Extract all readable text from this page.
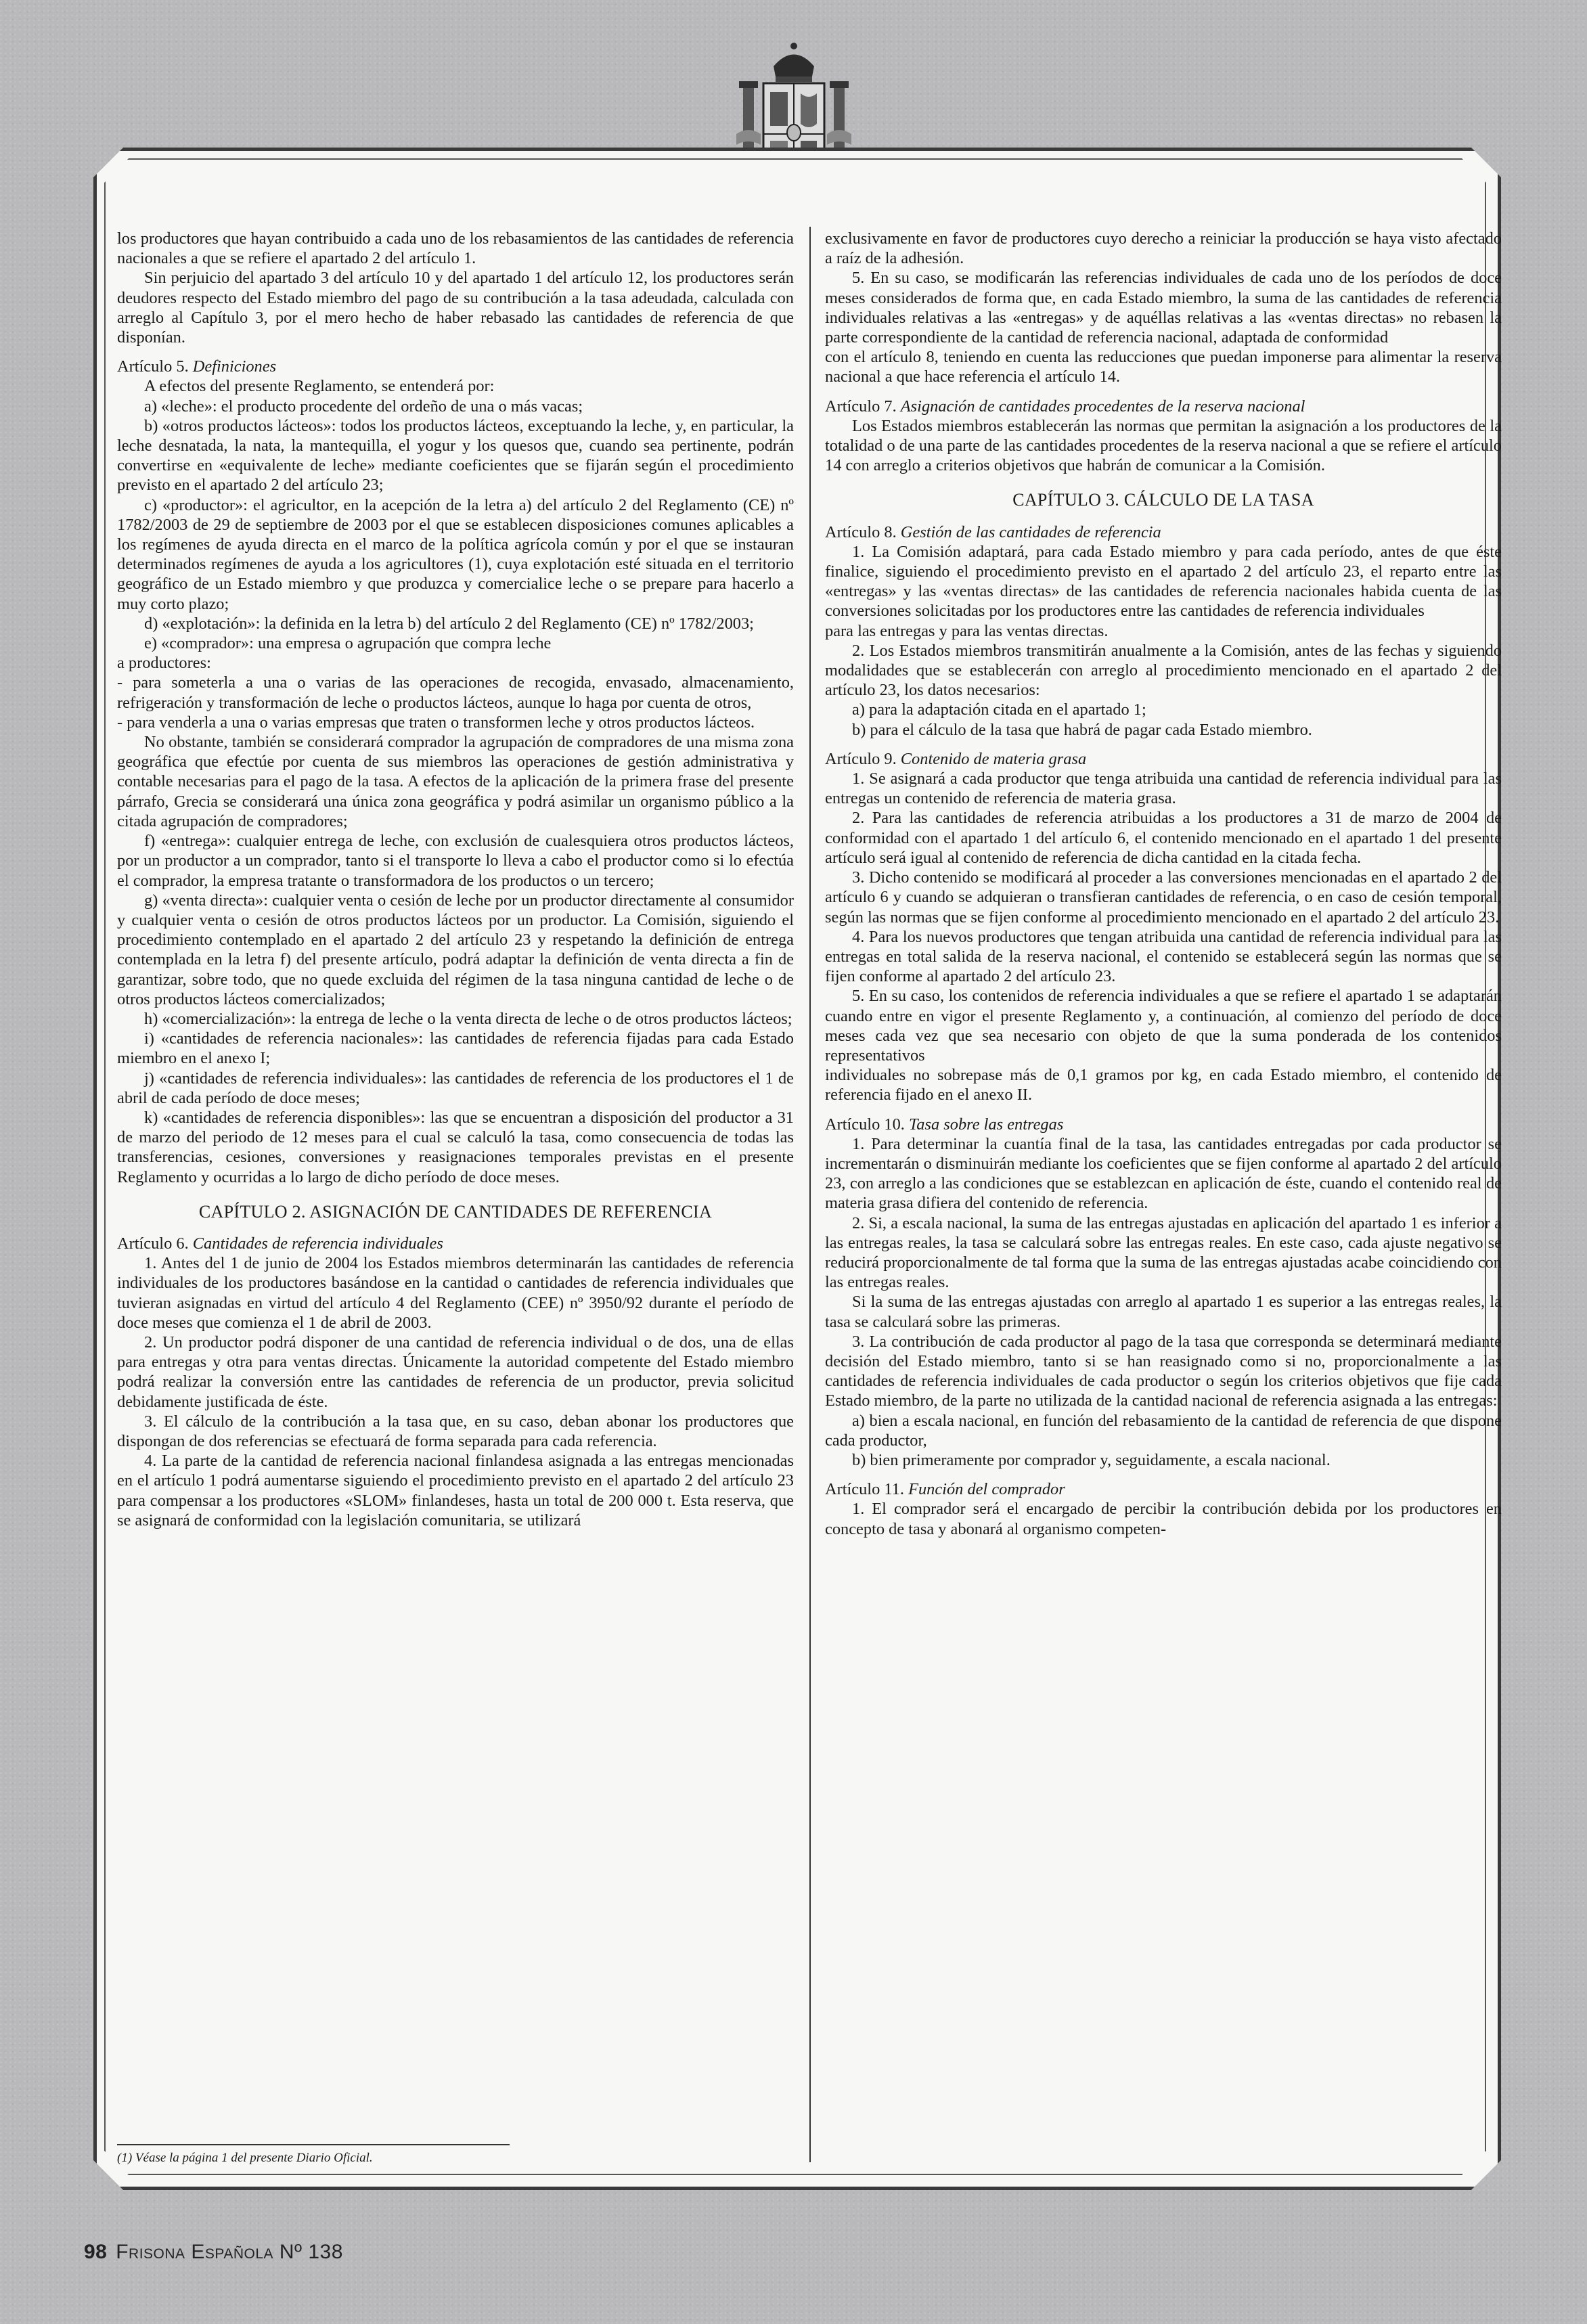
los productores que hayan contribuido a cada uno de los rebasamientos de las cantidades de referencia nacionales a que se refiere el apartado 2 del artículo 1.

Sin perjuicio del apartado 3 del artículo 10 y del apartado 1 del artículo 12, los productores serán deudores respecto del Estado miembro del pago de su contribución a la tasa adeudada, calculada con arreglo al Capítulo 3, por el mero hecho de haber rebasado las cantidades de referencia de que disponían.

Artículo 5. Definiciones

A efectos del presente Reglamento, se entenderá por:

a) «leche»: el producto procedente del ordeño de una o más vacas;

b) «otros productos lácteos»: todos los productos lácteos, exceptuando la leche, y, en particular, la leche desnatada, la nata, la mantequilla, el yogur y los quesos que, cuando sea pertinente, podrán convertirse en «equivalente de leche» mediante coeficientes que se fijarán según el procedimiento previsto en el apartado 2 del artículo 23;

c) «productor»: el agricultor, en la acepción de la letra a) del artículo 2 del Reglamento (CE) nº 1782/2003 de 29 de septiembre de 2003 por el que se establecen disposiciones comunes aplicables a los regímenes de ayuda directa en el marco de la política agrícola común y por el que se instauran determinados regímenes de ayuda a los agricultores (1), cuya explotación esté situada en el territorio geográfico de un Estado miembro y que produzca y comercialice leche o se prepare para hacerlo a muy corto plazo;

d) «explotación»: la definida en la letra b) del artículo 2 del Reglamento (CE) nº 1782/2003;

e) «comprador»: una empresa o agrupación que compra leche

a productores:

- para someterla a una o varias de las operaciones de recogida, envasado, almacenamiento, refrigeración y transformación de leche o productos lácteos, aunque lo haga por cuenta de otros,

- para venderla a una o varias empresas que traten o transformen leche y otros productos lácteos.

No obstante, también se considerará comprador la agrupación de compradores de una misma zona geográfica que efectúe por cuenta de sus miembros las operaciones de gestión administrativa y contable necesarias para el pago de la tasa. A efectos de la aplicación de la primera frase del presente párrafo, Grecia se considerará una única zona geográfica y podrá asimilar un organismo público a la citada agrupación de compradores;

f) «entrega»: cualquier entrega de leche, con exclusión de cualesquiera otros productos lácteos, por un productor a un comprador, tanto si el transporte lo lleva a cabo el productor como si lo efectúa el comprador, la empresa tratante o transformadora de los productos o un tercero;

g) «venta directa»: cualquier venta o cesión de leche por un productor directamente al consumidor y cualquier venta o cesión de otros productos lácteos por un productor. La Comisión, siguiendo el procedimiento contemplado en el apartado 2 del artículo 23 y respetando la definición de entrega contemplada en la letra f) del presente artículo, podrá adaptar la definición de venta directa a fin de garantizar, sobre todo, que no quede excluida del régimen de la tasa ninguna cantidad de leche o de otros productos lácteos comercializados;

h) «comercialización»: la entrega de leche o la venta directa de leche o de otros productos lácteos;

i) «cantidades de referencia nacionales»: las cantidades de referencia fijadas para cada Estado miembro en el anexo I;

j) «cantidades de referencia individuales»: las cantidades de referencia de los productores el 1 de abril de cada período de doce meses;

k) «cantidades de referencia disponibles»: las que se encuentran a disposición del productor a 31 de marzo del periodo de 12 meses para el cual se calculó la tasa, como consecuencia de todas las transferencias, cesiones, conversiones y reasignaciones temporales previstas en el presente Reglamento y ocurridas a lo largo de dicho período de doce meses.

CAPÍTULO 2. ASIGNACIÓN DE CANTIDADES DE REFERENCIA

Artículo 6. Cantidades de referencia individuales

1. Antes del 1 de junio de 2004 los Estados miembros determinarán las cantidades de referencia individuales de los productores basándose en la cantidad o cantidades de referencia individuales que tuvieran asignadas en virtud del artículo 4 del Reglamento (CEE) nº 3950/92 durante el período de doce meses que comienza el 1 de abril de 2003.

2. Un productor podrá disponer de una cantidad de referencia individual o de dos, una de ellas para entregas y otra para ventas directas. Únicamente la autoridad competente del Estado miembro podrá realizar la conversión entre las cantidades de referencia de un productor, previa solicitud debidamente justificada de éste.

3. El cálculo de la contribución a la tasa que, en su caso, deban abonar los productores que dispongan de dos referencias se efectuará de forma separada para cada referencia.

4. La parte de la cantidad de referencia nacional finlandesa asignada a las entregas mencionadas en el artículo 1 podrá aumentarse siguiendo el procedimiento previsto en el apartado 2 del artículo 23 para compensar a los productores «SLOM» finlandeses, hasta un total de 200 000 t. Esta reserva, que se asignará de conformidad con la legislación comunitaria, se utilizará

exclusivamente en favor de productores cuyo derecho a reiniciar la producción se haya visto afectado a raíz de la adhesión.

5. En su caso, se modificarán las referencias individuales de cada uno de los períodos de doce meses considerados de forma que, en cada Estado miembro, la suma de las cantidades de referencia individuales relativas a las «entregas» y de aquéllas relativas a las «ventas directas» no rebasen la parte correspondiente de la cantidad de referencia nacional, adaptada de conformidad

con el artículo 8, teniendo en cuenta las reducciones que puedan imponerse para alimentar la reserva nacional a que hace referencia el artículo 14.

Artículo 7. Asignación de cantidades procedentes de la reserva nacional

Los Estados miembros establecerán las normas que permitan la asignación a los productores de la totalidad o de una parte de las cantidades procedentes de la reserva nacional a que se refiere el artículo 14 con arreglo a criterios objetivos que habrán de comunicar a la Comisión.

CAPÍTULO 3. CÁLCULO DE LA TASA

Artículo 8. Gestión de las cantidades de referencia

1. La Comisión adaptará, para cada Estado miembro y para cada período, antes de que éste finalice, siguiendo el procedimiento previsto en el apartado 2 del artículo 23, el reparto entre las «entregas» y las «ventas directas» de las cantidades de referencia nacionales habida cuenta de las conversiones solicitadas por los productores entre las cantidades de referencia individuales

para las entregas y para las ventas directas.

2. Los Estados miembros transmitirán anualmente a la Comisión, antes de las fechas y siguiendo modalidades que se establecerán con arreglo al procedimiento mencionado en el apartado 2 del artículo 23, los datos necesarios:

a) para la adaptación citada en el apartado 1;

b) para el cálculo de la tasa que habrá de pagar cada Estado miembro.

Artículo 9. Contenido de materia grasa

1. Se asignará a cada productor que tenga atribuida una cantidad de referencia individual para las entregas un contenido de referencia de materia grasa.

2. Para las cantidades de referencia atribuidas a los productores a 31 de marzo de 2004 de conformidad con el apartado 1 del artículo 6, el contenido mencionado en el apartado 1 del presente artículo será igual al contenido de referencia de dicha cantidad en la citada fecha.

3. Dicho contenido se modificará al proceder a las conversiones mencionadas en el apartado 2 del artículo 6 y cuando se adquieran o transfieran cantidades de referencia, o en caso de cesión temporal, según las normas que se fijen conforme al procedimiento mencionado en el apartado 2 del artículo 23.

4. Para los nuevos productores que tengan atribuida una cantidad de referencia individual para las entregas en total salida de la reserva nacional, el contenido se establecerá según las normas que se fijen conforme al apartado 2 del artículo 23.

5. En su caso, los contenidos de referencia individuales a que se refiere el apartado 1 se adaptarán cuando entre en vigor el presente Reglamento y, a continuación, al comienzo del período de doce meses cada vez que sea necesario con objeto de que la suma ponderada de los contenidos representativos

individuales no sobrepase más de 0,1 gramos por kg, en cada Estado miembro, el contenido de referencia fijado en el anexo II.

Artículo 10. Tasa sobre las entregas

1. Para determinar la cuantía final de la tasa, las cantidades entregadas por cada productor se incrementarán o disminuirán mediante los coeficientes que se fijen conforme al apartado 2 del artículo 23, con arreglo a las condiciones que se establezcan en aplicación de éste, cuando el contenido real de materia grasa difiera del contenido de referencia.

2. Si, a escala nacional, la suma de las entregas ajustadas en aplicación del apartado 1 es inferior a las entregas reales, la tasa se calculará sobre las entregas reales. En este caso, cada ajuste negativo se reducirá proporcionalmente de tal forma que la suma de las entregas ajustadas acabe coincidiendo con las entregas reales.

Si la suma de las entregas ajustadas con arreglo al apartado 1 es superior a las entregas reales, la tasa se calculará sobre las primeras.

3. La contribución de cada productor al pago de la tasa que corresponda se determinará mediante decisión del Estado miembro, tanto si se han reasignado como si no, proporcionalmente a las cantidades de referencia individuales de cada productor o según los criterios objetivos que fije cada Estado miembro, de la parte no utilizada de la cantidad nacional de referencia asignada a las entregas:

a) bien a escala nacional, en función del rebasamiento de la cantidad de referencia de que dispone cada productor,

b) bien primeramente por comprador y, seguidamente, a escala nacional.

Artículo 11. Función del comprador

1. El comprador será el encargado de percibir la contribución debida por los productores en concepto de tasa y abonará al organismo competen-

(1) Véase la página 1 del presente Diario Oficial.
98 Frisona Española Nº 138
